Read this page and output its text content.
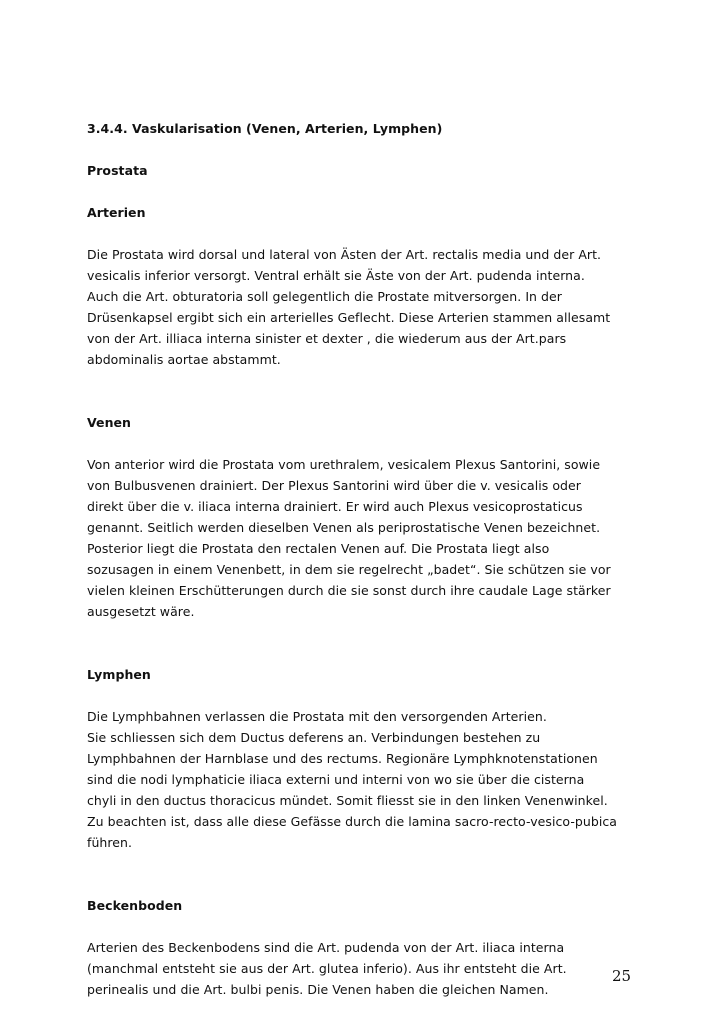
3.4.4. Vaskularisation (Venen, Arterien, Lymphen)

Prostata

Arterien

Die Prostata wird dorsal und lateral von Ästen der Art. rectalis media und der Art.
vesicalis inferior versorgt. Ventral erhält sie Äste von der Art. pudenda interna.
Auch die Art. obturatoria soll gelegentlich die Prostate mitversorgen. In der
Drüsenkapsel ergibt sich ein arterielles Geflecht. Diese Arterien stammen allesamt
von der Art. illiaca interna sinister et dexter , die wiederum aus der Art.pars
abdominalis aortae abstammt.

Venen

Von anterior wird die Prostata vom urethralem, vesicalem Plexus Santorini, sowie
von Bulbusvenen drainiert. Der Plexus Santorini wird über die v. vesicalis oder
direkt über die v. iliaca interna drainiert. Er wird auch Plexus vesicoprostaticus
genannt. Seitlich werden dieselben Venen als periprostatische Venen bezeichnet.
Posterior liegt die Prostata den rectalen Venen auf. Die Prostata liegt also
sozusagen in einem Venenbett, in dem sie regelrecht „badet“. Sie schützen sie vor
vielen kleinen Erschütterungen durch die sie sonst durch ihre caudale Lage stärker
ausgesetzt wäre.

Lymphen

Die Lymphbahnen verlassen die Prostata mit den versorgenden Arterien.
Sie schliessen sich dem Ductus deferens an. Verbindungen bestehen zu
Lymphbahnen der Harnblase und des rectums. Regionäre Lymphknotenstationen
sind die nodi lymphaticie iliaca externi und interni von wo sie über die cisterna
chyli in den ductus thoracicus mündet. Somit fliesst sie in den linken Venenwinkel.
Zu beachten ist, dass alle diese Gefässe durch die lamina sacro-recto-vesico-pubica
führen.

Beckenboden

Arterien des Beckenbodens sind die Art. pudenda von der Art. iliaca interna
(manchmal entsteht sie aus der Art. glutea inferio). Aus ihr entsteht die Art.
perinealis und die Art. bulbi penis. Die Venen haben die gleichen Namen.

25
